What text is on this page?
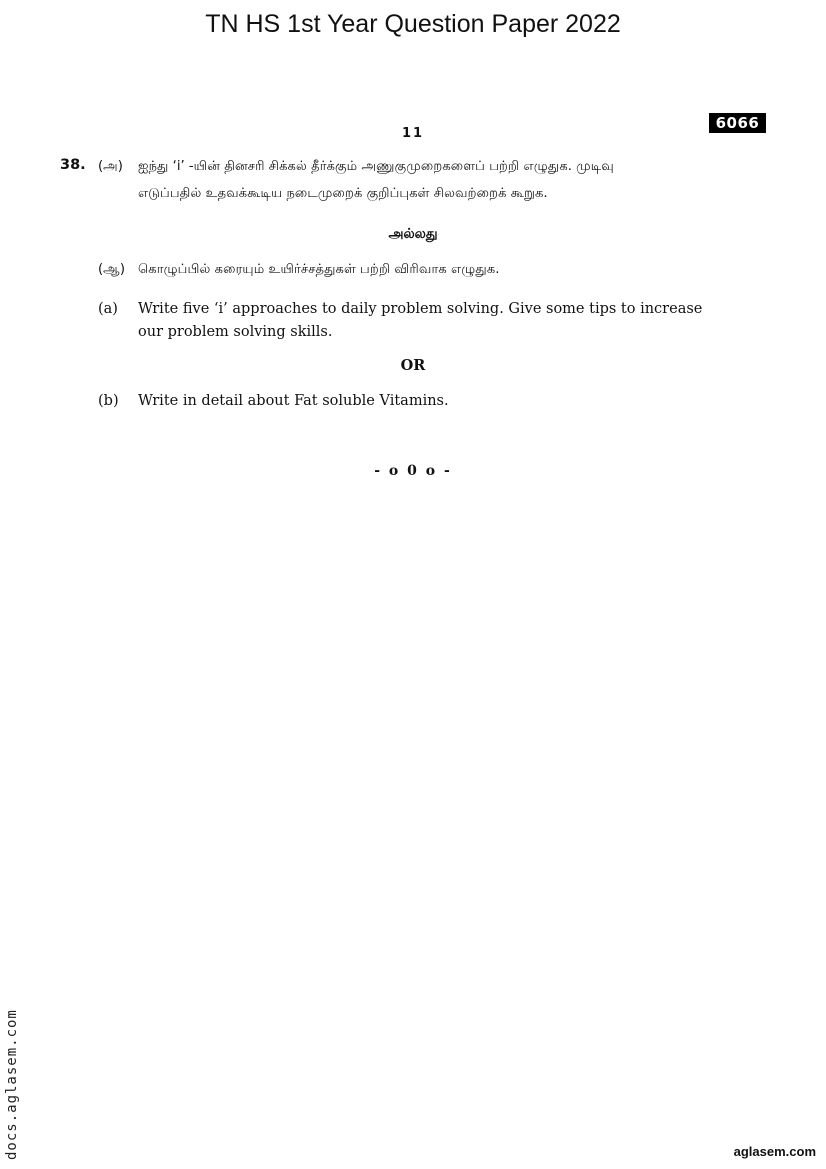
TN HS 1st Year Question Paper 2022
6066
11
38. (அ) ஐந்து ‘i’ -யின் தினசரி சிக்கல் தீர்க்கும் அணுகுமுறைகளைப் பற்றி எழுதுக. முடிவு
எடுப்பதில் உதவக்கூடிய நடைமுறைக் குறிப்புகள் சிலவற்றைக் கூறுக.
அல்லது
(ஆ) கொழுப்பில் கரையும் உயிர்ச்சத்துகள் பற்றி விரிவாக எழுதுக.
(a) Write five ‘i’ approaches to daily problem solving. Give some tips to increase
our problem solving skills.
OR
(b) Write in detail about Fat soluble Vitamins.
- o 0 o -
docs.aglasem.com	aglasem.com
